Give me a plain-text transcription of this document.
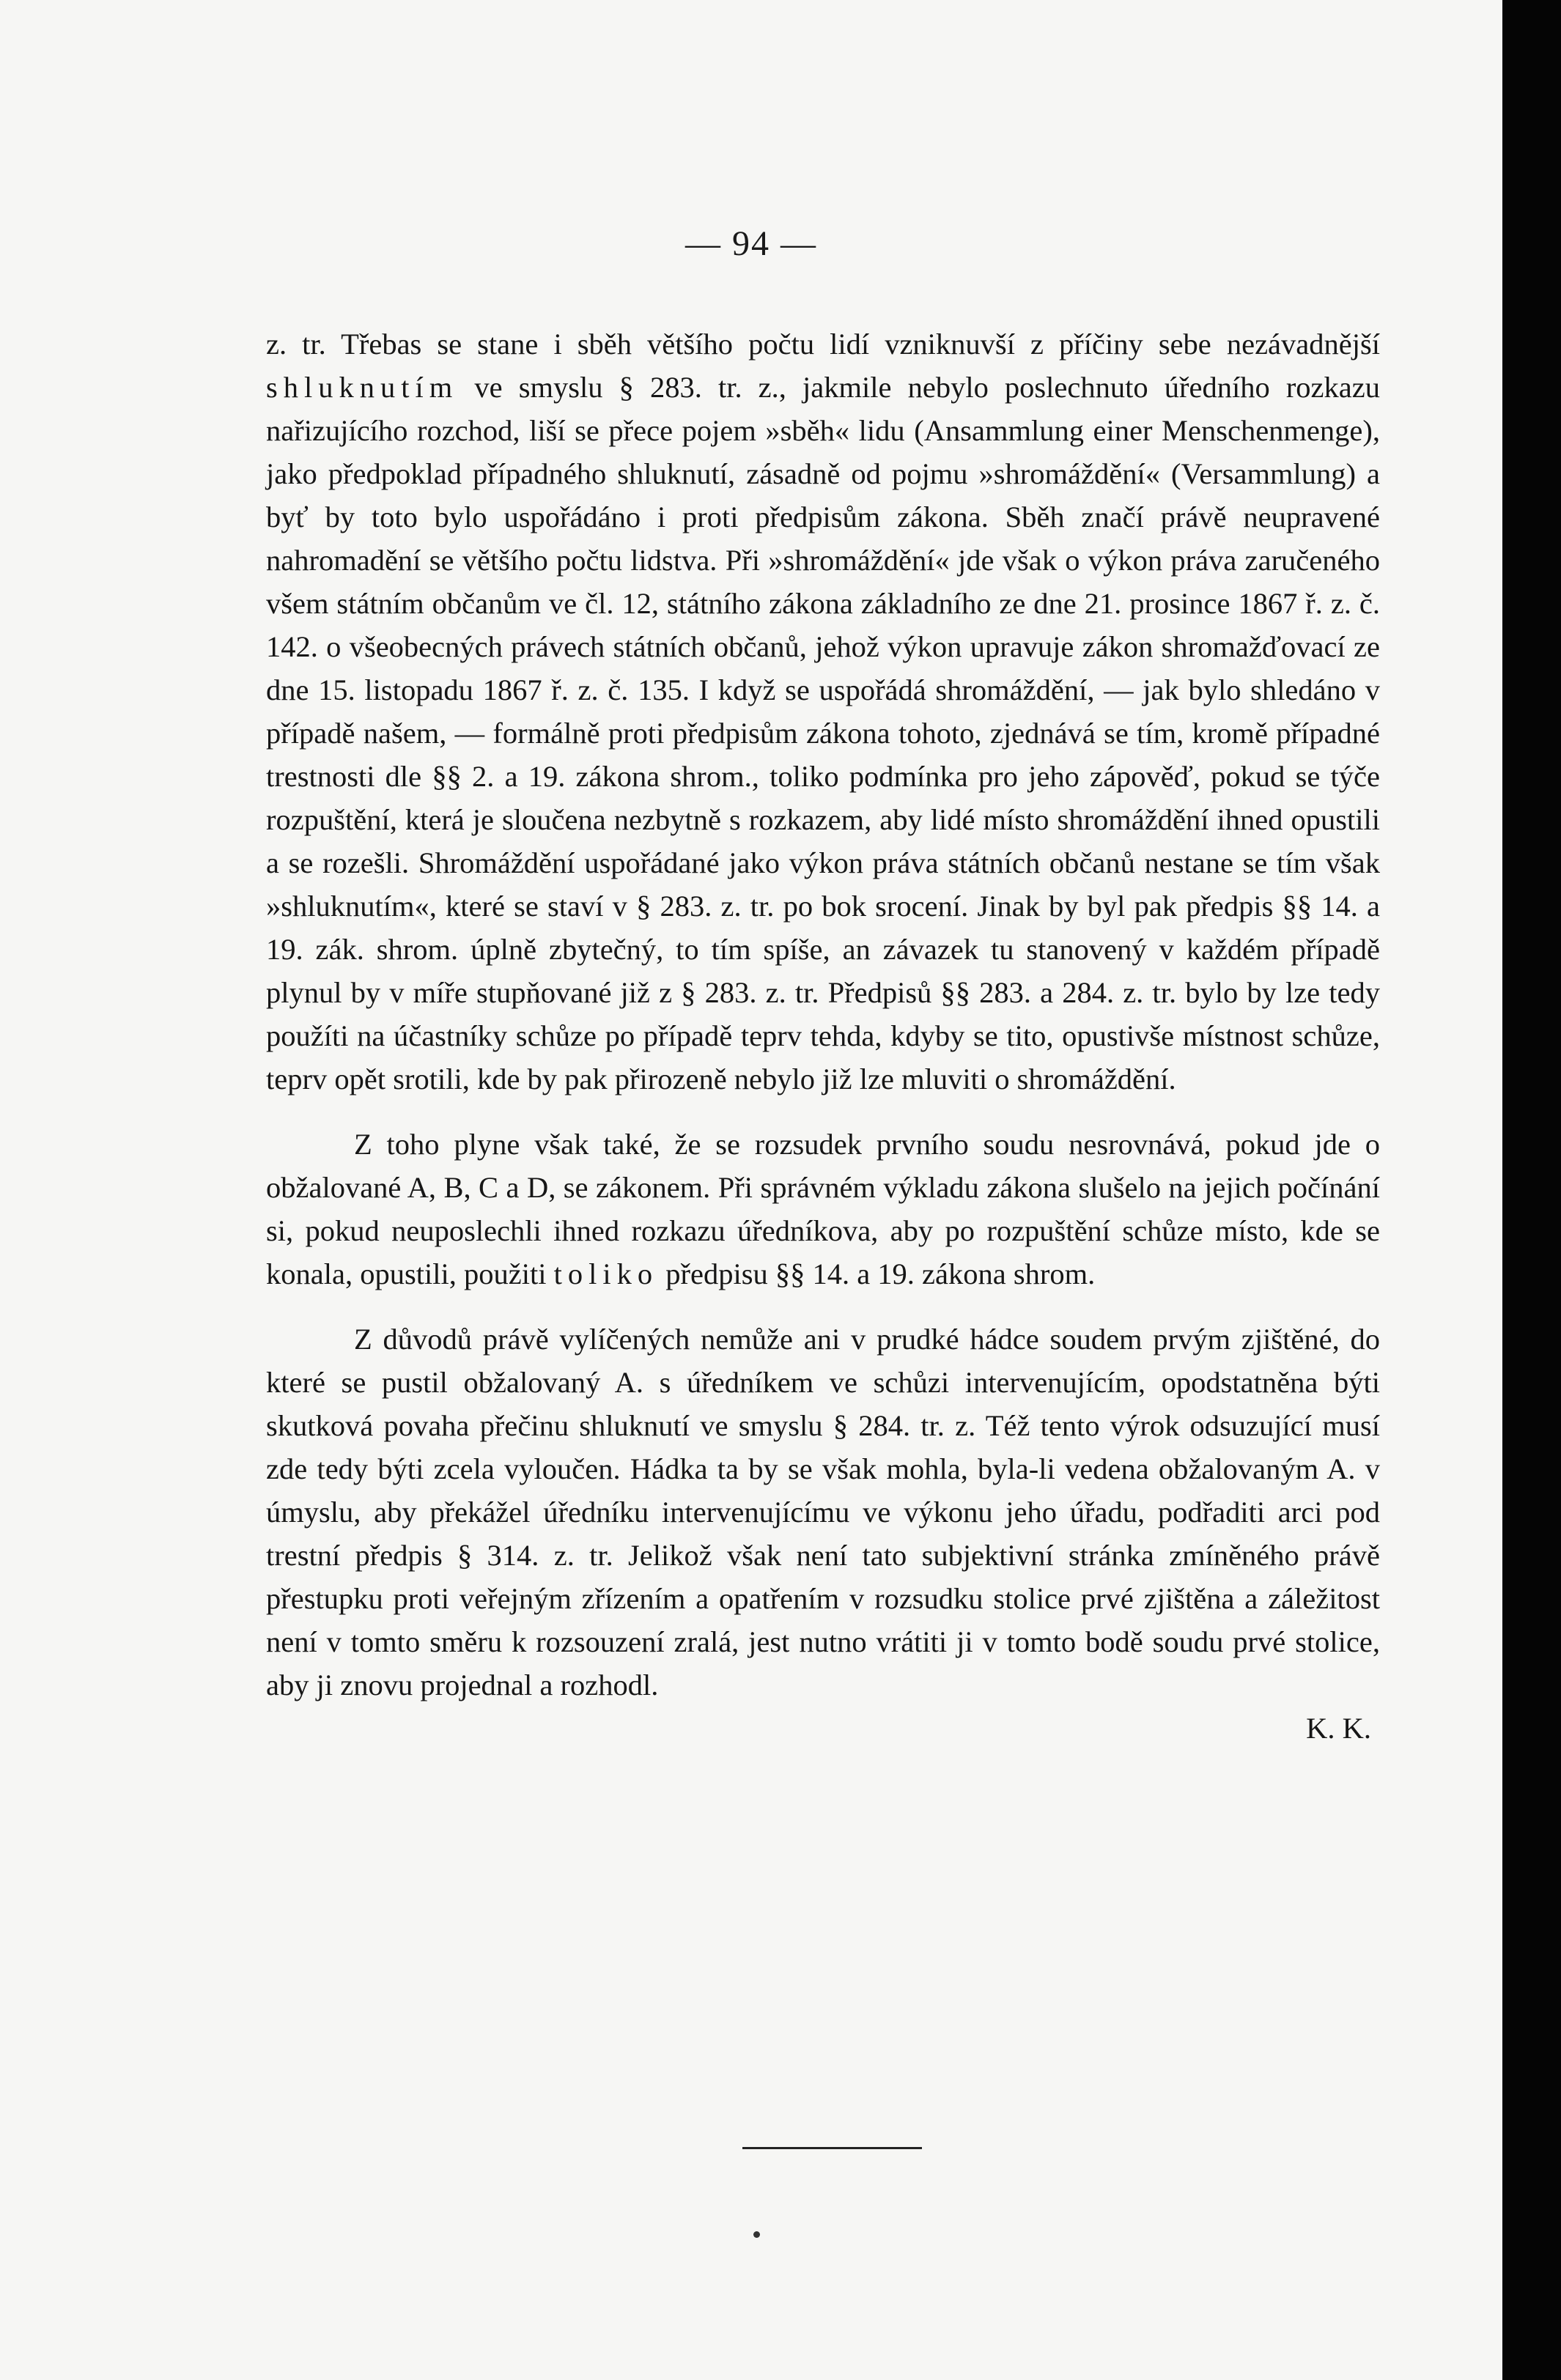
— 94 —

z. tr. Třebas se stane i sběh většího počtu lidí vzniknuvší z příčiny sebe nezávadnější shluknutím ve smyslu § 283. tr. z., jakmile nebylo poslechnuto úředního rozkazu nařizujícího rozchod, liší se přece pojem »sběh« lidu (Ansammlung einer Menschenmenge), jako předpoklad případného shluknutí, zásadně od pojmu »shromáždění« (Versammlung) a byť by toto bylo uspořádáno i proti předpisům zákona. Sběh značí právě neupravené nahromadění se většího počtu lidstva. Při »shromáždění« jde však o výkon práva zaručeného všem státním občanům ve čl. 12, státního zákona základního ze dne 21. prosince 1867 ř. z. č. 142. o všeobecných právech státních občanů, jehož výkon upravuje zákon shromažďovací ze dne 15. listopadu 1867 ř. z. č. 135. I když se uspořádá shromáždění, — jak bylo shledáno v případě našem, — formálně proti předpisům zákona tohoto, zjednává se tím, kromě případné trestnosti dle §§ 2. a 19. zákona shrom., toliko podmínka pro jeho zápověď, pokud se týče rozpuštění, která je sloučena nezbytně s rozkazem, aby lidé místo shromáždění ihned opustili a se rozešli. Shromáždění uspořádané jako výkon práva státních občanů nestane se tím však »shluknutím«, které se staví v § 283. z. tr. po bok srocení. Jinak by byl pak předpis §§ 14. a 19. zák. shrom. úplně zbytečný, to tím spíše, an závazek tu stanovený v každém případě plynul by v míře stupňované již z § 283. z. tr. Předpisů §§ 283. a 284. z. tr. bylo by lze tedy použíti na účastníky schůze po případě teprv tehda, kdyby se tito, opustivše místnost schůze, teprv opět srotili, kde by pak přirozeně nebylo již lze mluviti o shromáždění.

Z toho plyne však také, že se rozsudek prvního soudu nesrovnává, pokud jde o obžalované A, B, C a D, se zákonem. Při správném výkladu zákona slušelo na jejich počínání si, pokud neuposlechli ihned rozkazu úředníkova, aby po rozpuštění schůze místo, kde se konala, opustili, použiti toliko předpisu §§ 14. a 19. zákona shrom.

Z důvodů právě vylíčených nemůže ani v prudké hádce soudem prvým zjištěné, do které se pustil obžalovaný A. s úředníkem ve schůzi intervenujícím, opodstatněna býti skutková povaha přečinu shluknutí ve smyslu § 284. tr. z. Též tento výrok odsuzující musí zde tedy býti zcela vyloučen. Hádka ta by se však mohla, byla-li vedena obžalovaným A. v úmyslu, aby překážel úředníku intervenujícímu ve výkonu jeho úřadu, podřaditi arci pod trestní předpis § 314. z. tr. Jelikož však není tato subjektivní stránka zmíněného právě přestupku proti veřejným zřízením a opatřením v rozsudku stolice prvé zjištěna a záležitost není v tomto směru k rozsouzení zralá, jest nutno vrátiti ji v tomto bodě soudu prvé stolice, aby ji znovu projednal a rozhodl.

K. K.
